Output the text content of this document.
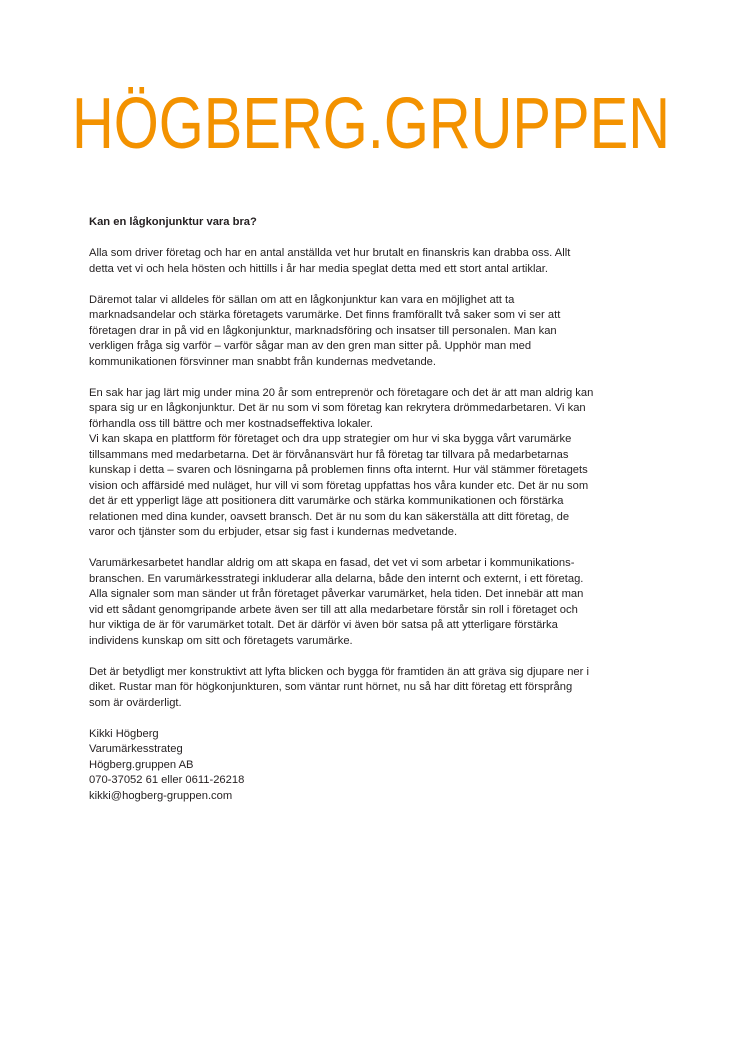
HÖGBERG.GRUPPEN
Kan en lågkonjunktur vara bra?
Alla som driver företag och har en antal anställda vet hur brutalt en finanskris kan drabba oss. Allt
detta vet vi och hela hösten och hittills i år har media speglat detta med ett stort antal artiklar.
Däremot talar vi alldeles för sällan om att en lågkonjunktur kan vara en möjlighet att ta
marknadsandelar och stärka företagets varumärke. Det finns framförallt två saker som vi ser att
företagen drar in på vid en lågkonjunktur, marknadsföring och insatser till personalen. Man kan
verkligen fråga sig varför – varför sågar man av den gren man sitter på. Upphör man med
kommunikationen försvinner man snabbt från kundernas medvetande.
En sak har jag lärt mig under mina 20 år som entreprenör och företagare och det är att man aldrig kan
spara sig ur en lågkonjunktur. Det är nu som vi som företag kan rekrytera drömmedarbetaren. Vi kan
förhandla oss till bättre och mer kostnadseffektiva lokaler.
Vi kan skapa en plattform för företaget och dra upp strategier om hur vi ska bygga vårt varumärke
tillsammans med medarbetarna. Det är förvånansvärt hur få företag tar tillvara på medarbetarnas
kunskap i detta – svaren och lösningarna på problemen finns ofta internt. Hur väl stämmer företagets
vision och affärsidé med nuläget, hur vill vi som företag uppfattas hos våra kunder etc. Det är nu som
det är ett ypperligt läge att positionera ditt varumärke och stärka kommunikationen och förstärka
relationen med dina kunder, oavsett bransch. Det är nu som du kan säkerställa att ditt företag, de
varor och tjänster som du erbjuder, etsar sig fast i kundernas medvetande.
Varumärkesarbetet handlar aldrig om att skapa en fasad, det vet vi som arbetar i kommunikations-
branschen. En varumärkesstrategi inkluderar alla delarna, både den internt och externt, i ett företag.
Alla signaler som man sänder ut från företaget påverkar varumärket, hela tiden. Det innebär att man
vid ett sådant genomgripande arbete även ser till att alla medarbetare förstår sin roll i företaget och
hur viktiga de är för varumärket totalt. Det är därför vi även bör satsa på att ytterligare förstärka
individens kunskap om sitt och företagets varumärke.
Det är betydligt mer konstruktivt att lyfta blicken och bygga för framtiden än att gräva sig djupare ner i
diket. Rustar man för högkonjunkturen, som väntar runt hörnet, nu så har ditt företag ett försprång
som är ovärderligt.
Kikki Högberg
Varumärkesstrateg
Högberg.gruppen AB
070-37052 61 eller 0611-26218
kikki@hogberg-gruppen.com
